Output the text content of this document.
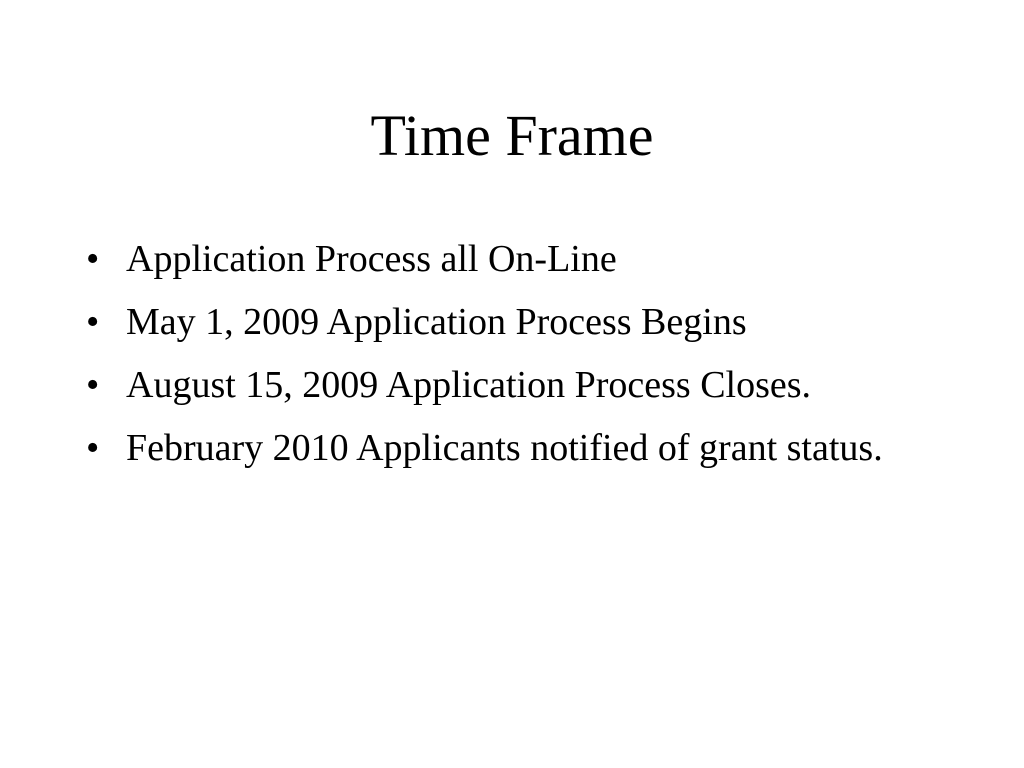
Time Frame
• Application Process all On-Line
• May 1, 2009 Application Process Begins
• August 15, 2009 Application Process Closes.
• February 2010 Applicants notified of grant status.
